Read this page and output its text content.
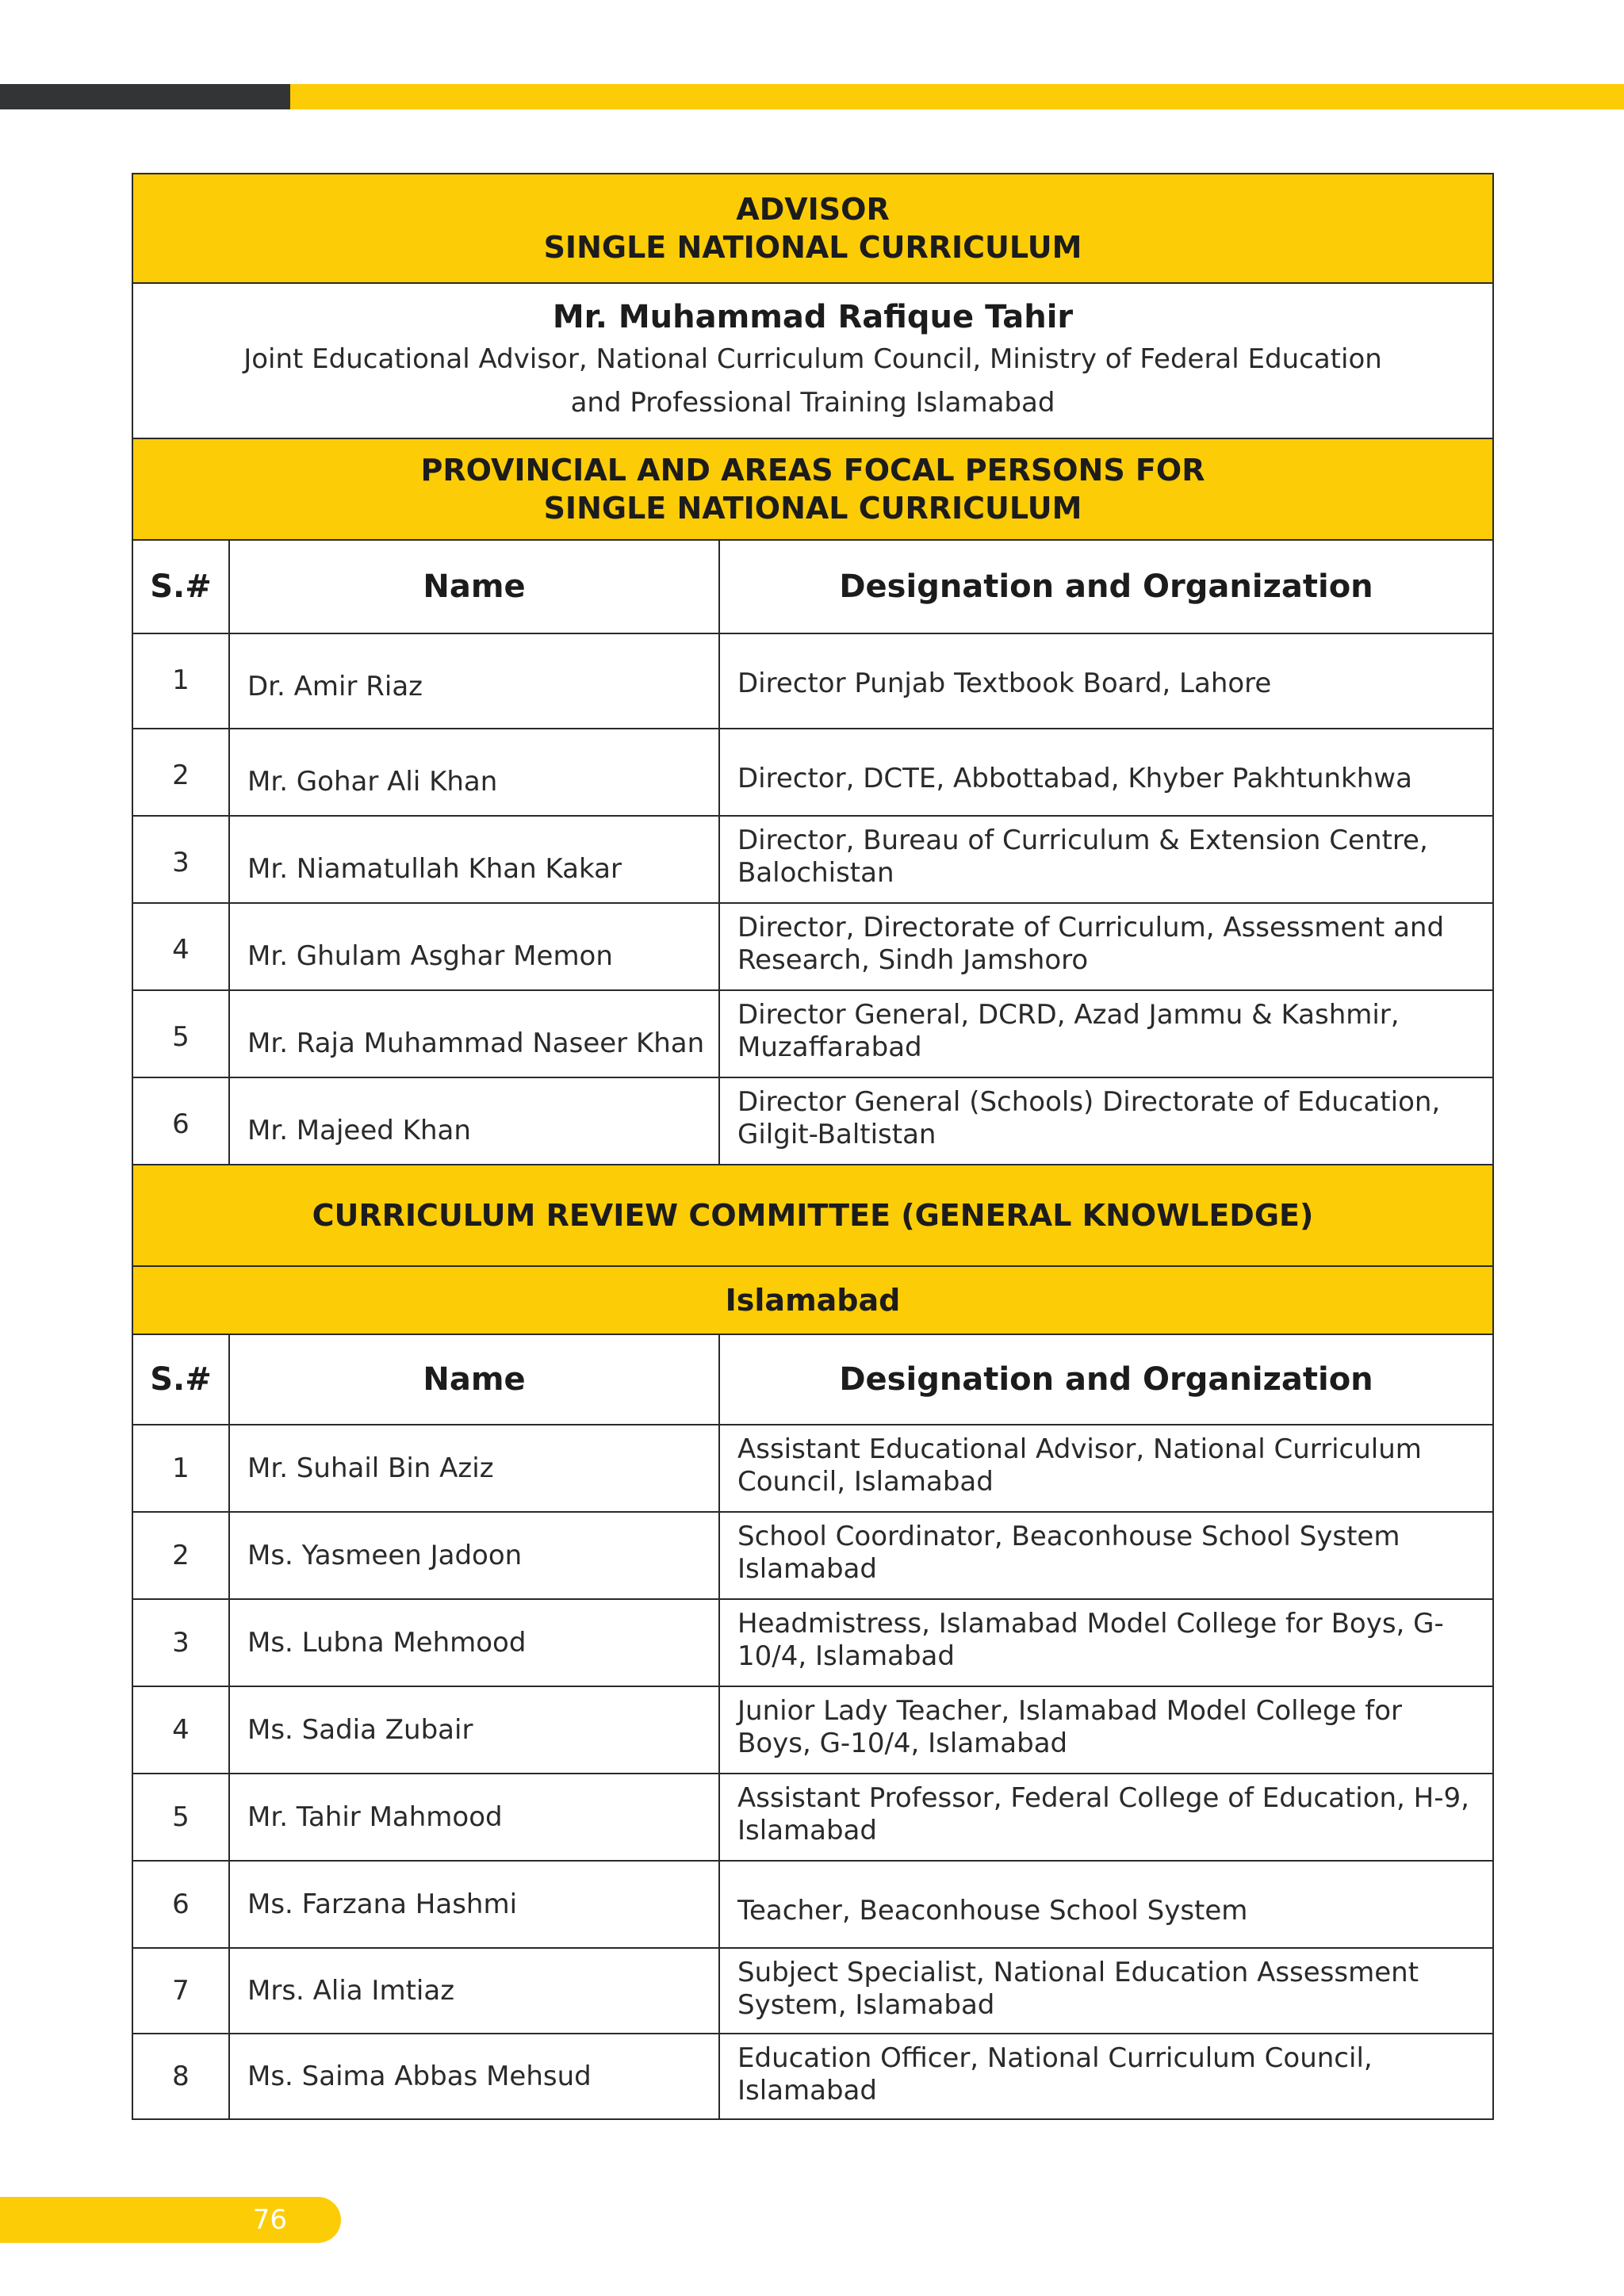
ADVISOR
SINGLE NATIONAL CURRICULUM		

Mr. Muhammad Rafique Tahir
Joint Educational Advisor, National Curriculum Council, Ministry of Federal Education
and Professional Training Islamabad		

PROVINCIAL AND AREAS FOCAL PERSONS FOR
SINGLE NATIONAL CURRICULUM		

S.#	Name	Designation and Organization
1	Dr. Amir Riaz	Director Punjab Textbook Board, Lahore
2	Mr. Gohar Ali Khan	Director, DCTE, Abbottabad, Khyber Pakhtunkhwa
3	Mr. Niamatullah Khan Kakar	Director, Bureau of Curriculum & Extension Centre, Balochistan
4	Mr. Ghulam Asghar Memon	Director, Directorate of Curriculum, Assessment and Research, Sindh Jamshoro
5	Mr. Raja Muhammad Naseer Khan	Director General, DCRD, Azad Jammu & Kashmir, Muzaffarabad
6	Mr. Majeed Khan	Director General (Schools) Directorate of Education, Gilgit-Baltistan
CURRICULUM REVIEW COMMITTEE (GENERAL KNOWLEDGE)		
Islamabad		
S.#	Name	Designation and Organization
1	Mr. Suhail Bin Aziz	Assistant Educational Advisor, National Curriculum Council, Islamabad
2	Ms. Yasmeen Jadoon	School Coordinator, Beaconhouse School System Islamabad
3	Ms. Lubna Mehmood	Headmistress, Islamabad Model College for Boys, G-10/4, Islamabad
4	Ms. Sadia Zubair	Junior Lady Teacher, Islamabad Model College for Boys, G-10/4, Islamabad
5	Mr. Tahir Mahmood	Assistant Professor, Federal College of Education, H-9, Islamabad
6	Ms. Farzana Hashmi	Teacher, Beaconhouse School System
7	Mrs. Alia Imtiaz	Subject Specialist, National Education Assessment System, Islamabad
8	Ms. Saima Abbas Mehsud	Education Officer, National Curriculum Council, Islamabad
76
